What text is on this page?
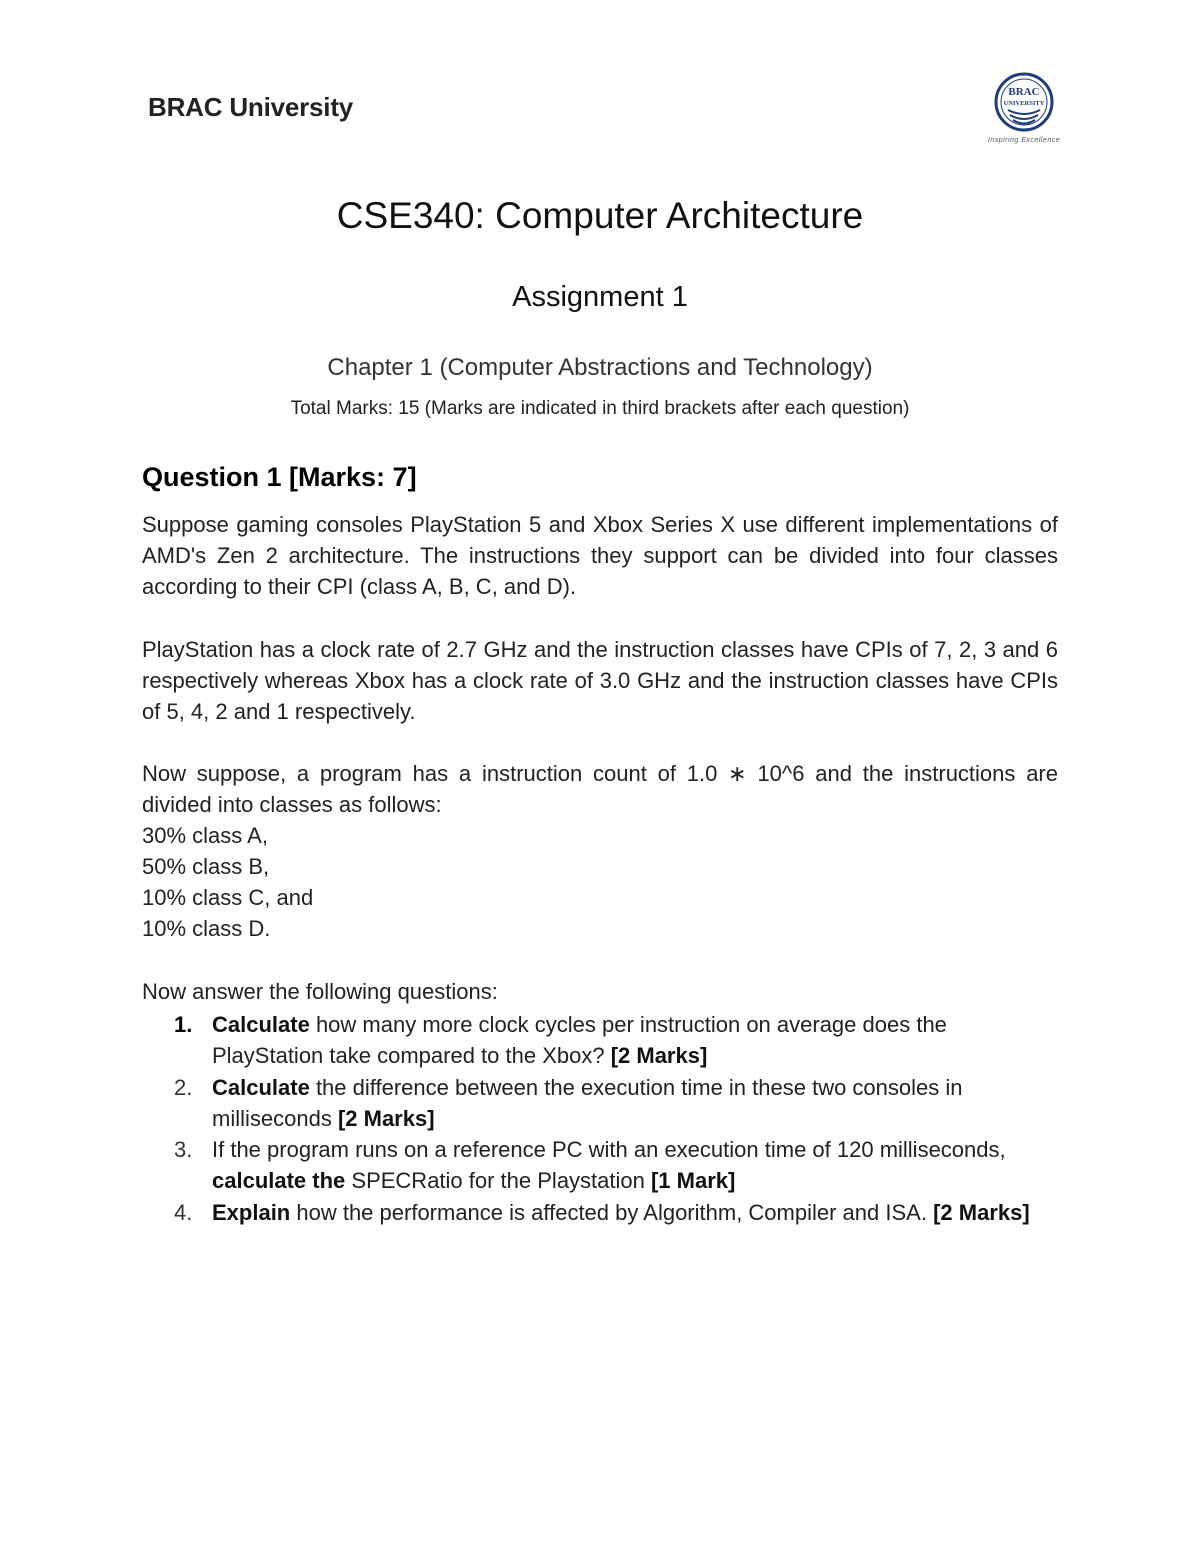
BRAC University	BRAC
UNIVERSITY
Inspiring Excellence
CSE340: Computer Architecture
Assignment 1
Chapter 1 (Computer Abstractions and Technology)
Total Marks: 15 (Marks are indicated in third brackets after each question)
Question 1 [Marks: 7]
Suppose gaming consoles PlayStation 5 and Xbox Series X use different implementations of AMD's Zen 2 architecture. The instructions they support can be divided into four classes according to their CPI (class A, B, C, and D).
PlayStation has a clock rate of 2.7 GHz and the instruction classes have CPIs of 7, 2, 3 and 6 respectively whereas Xbox has a clock rate of 3.0 GHz and the instruction classes have CPIs of 5, 4, 2 and 1 respectively.
Now suppose, a program has a instruction count of 1.0 ∗ 10^6 and the instructions are divided into classes as follows:
30% class A,
50% class B,
10% class C, and
10% class D.
Now answer the following questions:
1. Calculate how many more clock cycles per instruction on average does the PlayStation take compared to the Xbox? [2 Marks]
2. Calculate the difference between the execution time in these two consoles in milliseconds [2 Marks]
3. If the program runs on a reference PC with an execution time of 120 milliseconds, calculate the SPECRatio for the Playstation [1 Mark]
4. Explain how the performance is affected by Algorithm, Compiler and ISA. [2 Marks]
